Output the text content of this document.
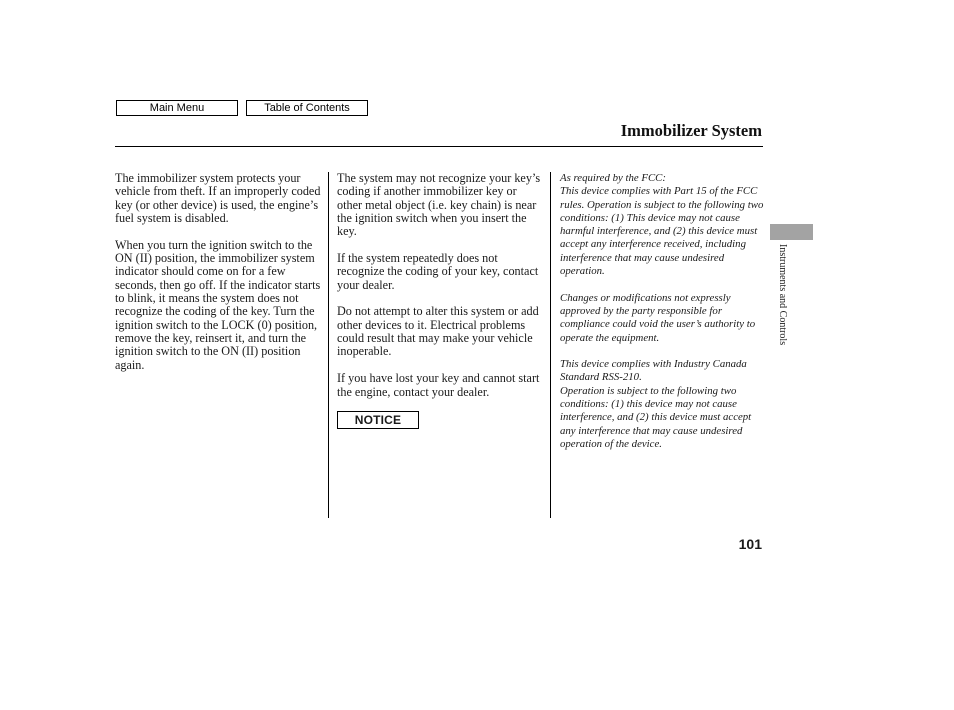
Main Menu	Table of Contents
Immobilizer System

The immobilizer system protects your vehicle from theft. If an improperly coded key (or other device) is used, the engine’s fuel system is disabled.

When you turn the ignition switch to the ON (II) position, the immobilizer system indicator should come on for a few seconds, then go off. If the indicator starts to blink, it means the system does not recognize the coding of the key. Turn the ignition switch to the LOCK (0) position, remove the key, reinsert it, and turn the ignition switch to the ON (II) position again.

The system may not recognize your key’s coding if another immobilizer key or other metal object (i.e. key chain) is near the ignition switch when you insert the key.

If the system repeatedly does not recognize the coding of your key, contact your dealer.

Do not attempt to alter this system or add other devices to it. Electrical problems could result that may make your vehicle inoperable.

If you have lost your key and cannot start the engine, contact your dealer.

NOTICE

As required by the FCC:
This device complies with Part 15 of the FCC rules. Operation is subject to the following two conditions: (1) This device may not cause harmful interference, and (2) this device must accept any interference received, including interference that may cause undesired operation.

Changes or modifications not expressly approved by the party responsible for compliance could void the user’s authority to operate the equipment.

This device complies with Industry Canada Standard RSS-210.
Operation is subject to the following two conditions: (1) this device may not cause interference, and (2) this device must accept any interference that may cause undesired operation of the device.

Instruments and Controls
101
